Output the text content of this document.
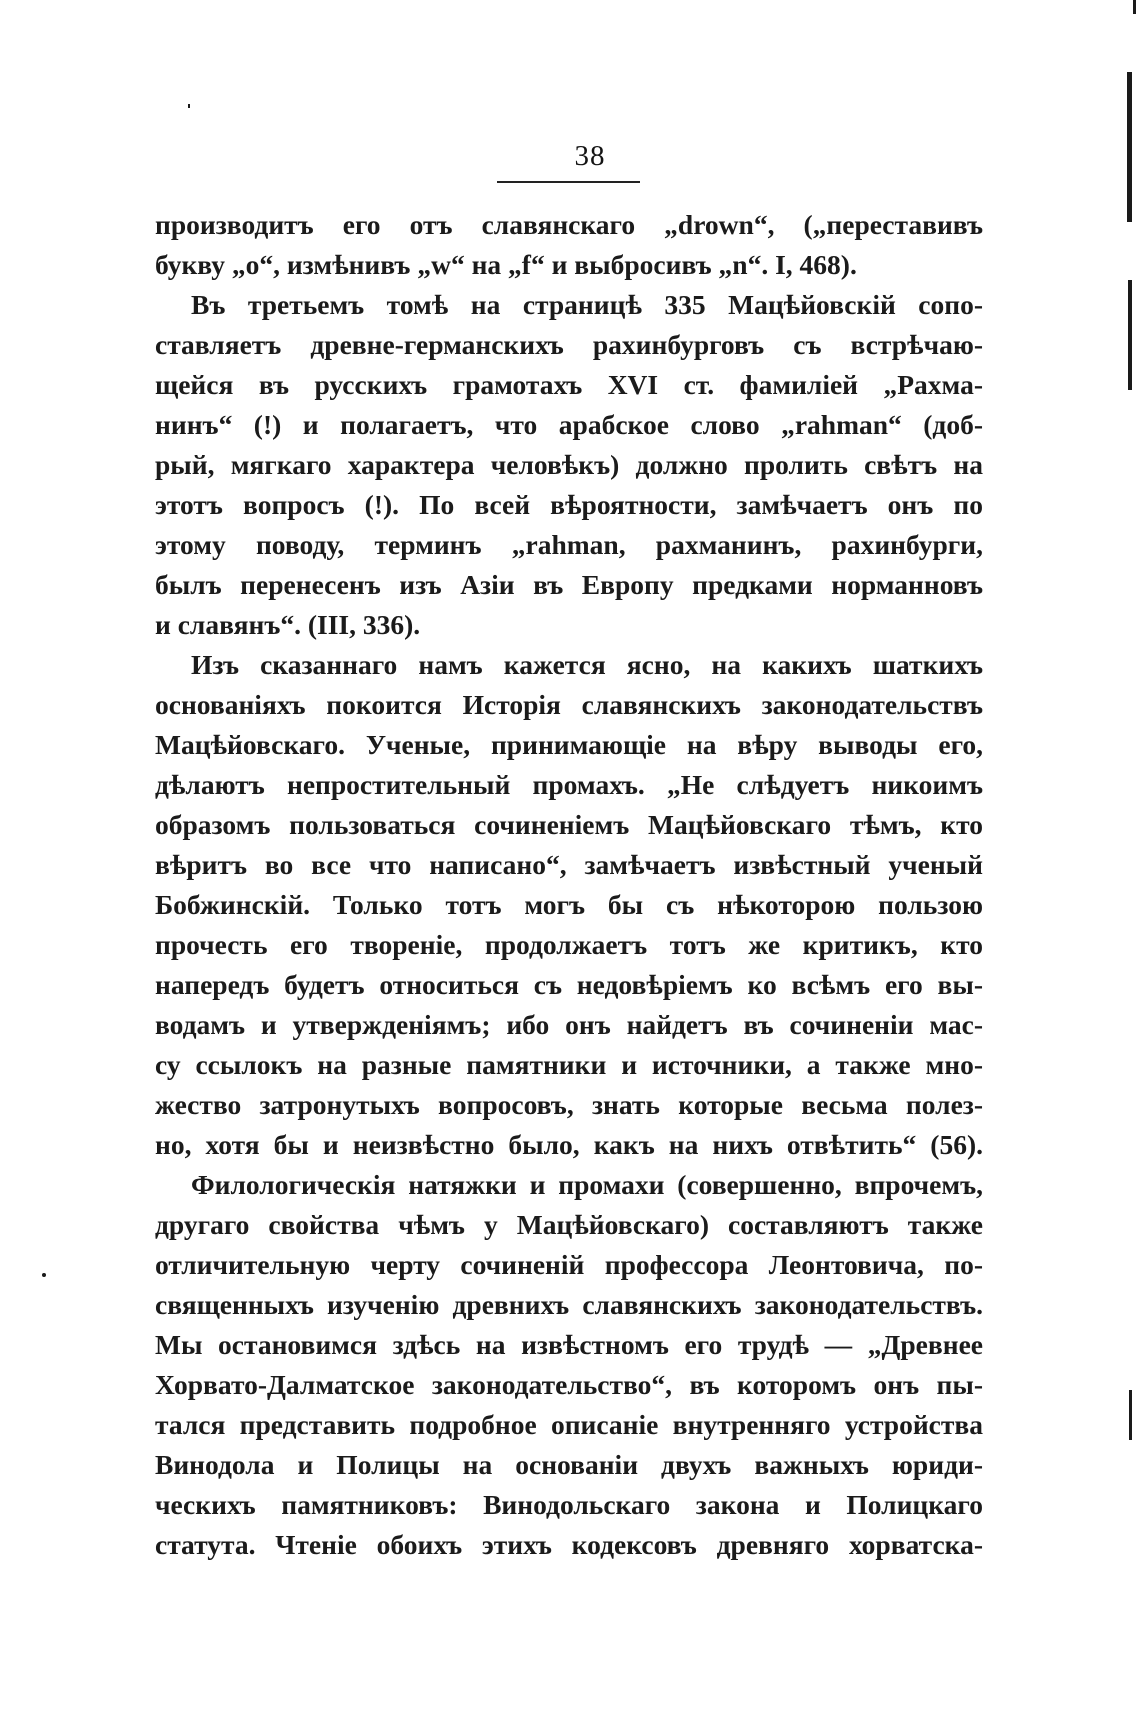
38
производитъ его отъ славянскаго „drown“, („переставивъ
букву „o“, измѣнивъ „w“ на „f“ и выбросивъ „n“. I, 468).
Въ третьемъ томѣ на страницѣ 335 Мацѣйовскій сопо-
ставляетъ древне-германскихъ рахинбурговъ съ встрѣчаю-
щейся въ русскихъ грамотахъ XVI ст. фамиліей „Рахма-
нинъ“ (!) и полагаетъ, что арабское слово „rahman“ (доб-
рый, мягкаго характера человѣкъ) должно пролить свѣтъ на
этотъ вопросъ (!). По всей вѣроятности, замѣчаетъ онъ по
этому поводу, терминъ „rahman, рахманинъ, рахинбурги,
былъ перенесенъ изъ Азіи въ Европу предками норманновъ
и славянъ“. (III, 336).
Изъ сказаннаго намъ кажется ясно, на какихъ шаткихъ
основаніяхъ покоится Исторія славянскихъ законодательствъ
Мацѣйовскаго. Ученые, принимающіе на вѣру выводы его,
дѣлаютъ непростительный промахъ. „Не слѣдуетъ никоимъ
образомъ пользоваться сочиненіемъ Мацѣйовскаго тѣмъ, кто
вѣритъ во все что написано“, замѣчаетъ извѣстный ученый
Бобжинскій. Только тотъ могъ бы съ нѣкоторою пользою
прочесть его твореніе, продолжаетъ тотъ же критикъ, кто
напередъ будетъ относиться съ недовѣріемъ ко всѣмъ его вы-
водамъ и утвержденіямъ; ибо онъ найдетъ въ сочиненіи мас-
су ссылокъ на разные памятники и источники, а также мно-
жество затронутыхъ вопросовъ, знать которые весьма полез-
но, хотя бы и неизвѣстно было, какъ на нихъ отвѣтить“ (56).
Филологическія натяжки и промахи (совершенно, впрочемъ,
другаго свойства чѣмъ у Мацѣйовскаго) составляютъ также
отличительную черту сочиненій профессора Леонтовича, по-
священныхъ изученію древнихъ славянскихъ законодательствъ.
Мы остановимся здѣсь на извѣстномъ его трудѣ — „Древнее
Хорвато-Далматское законодательство“, въ которомъ онъ пы-
тался представить подробное описаніе внутренняго устройства
Винодола и Полицы на основаніи двухъ важныхъ юриди-
ческихъ памятниковъ: Винодольскаго закона и Полицкаго
статута. Чтеніе обоихъ этихъ кодексовъ древняго хорватска-
